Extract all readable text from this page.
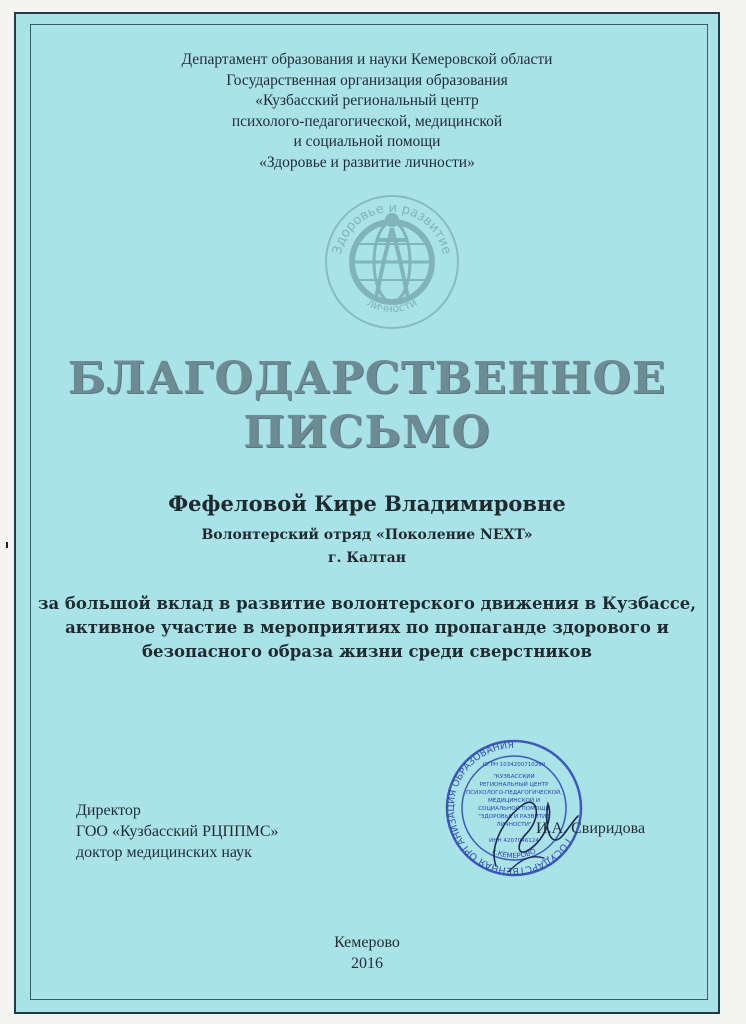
Департамент образования и науки Кемеровской области
Государственная организация образования
«Кузбасский региональный центр
психолого-педагогической, медицинской
и социальной помощи
«Здоровье и развитие личности»
Здоровье и развитие
личности
БЛАГОДАРСТВЕННОЕ
ПИСЬМО
Фефеловой Кире Владимировне
Волонтерский отряд «Поколение NEXT»
г. Калтан
за большой вклад в развитие волонтерского движения в Кузбассе,
активное участие в мероприятиях по пропаганде здорового и
безопасного образа жизни среди сверстников
Директор
ГОО «Кузбасский РЦППМС»
доктор медицинских наук
ГОСУДАРСТВЕННАЯ ОРГАНИЗАЦИЯ ОБРАЗОВАНИЯ
ОГРН 1034200710260
"КУЗБАССКИЙ
РЕГИОНАЛЬНЫЙ ЦЕНТР
ПСИХОЛОГО-ПЕДАГОГИЧЕСКОЙ,
МЕДИЦИНСКОЙ И
СОЦИАЛЬНОЙ ПОМОЩИ
"ЗДОРОВЬЕ И РАЗВИТИЕ
ЛИЧНОСТИ"
ИНН 4207046124
г.КЕМЕРОВО
И.А. Свиридова
Кемерово
2016
